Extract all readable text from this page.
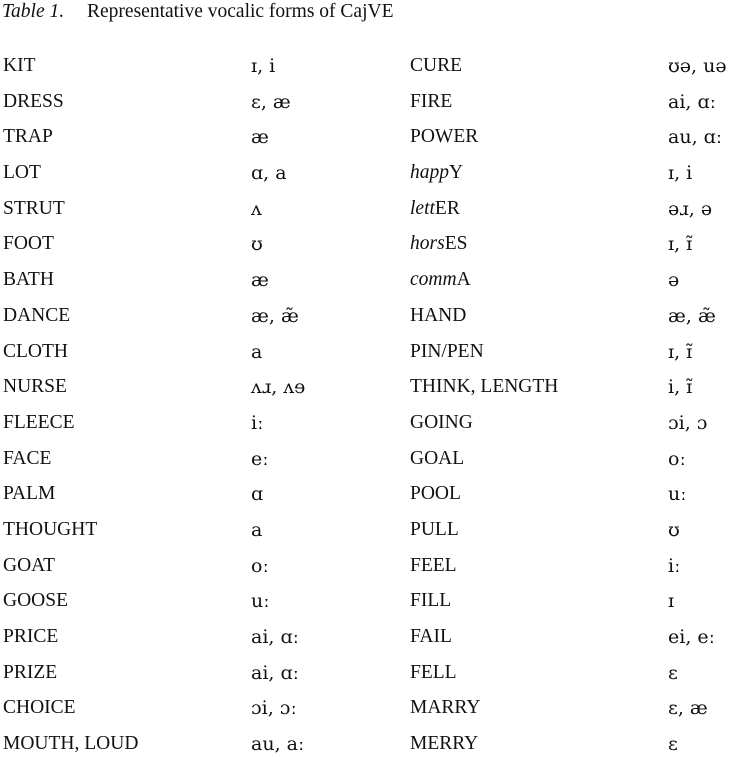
Table 1. Representative vocalic forms of CajVE
KIT	ɪ, i	CURE	ʊə, uə
DRESS	ɛ, æ	FIRE	ai, ɑː
TRAP	æ	POWER	au, ɑː
LOT	ɑ, a	happY	ɪ, i
STRUT	ʌ	lettER	əɹ, ə
FOOT	ʊ	horsES	ɪ, ɪ̃
BATH	æ	commA	ə
DANCE	æ, æ̃	HAND	æ, æ̃
CLOTH	a	PIN/PEN	ɪ, ɪ̃
NURSE	ʌɹ, ʌɘ	THINK, LENGTH	i, ɪ̃
FLEECE	iː	GOING	ɔi, ɔ
FACE	eː	GOAL	oː
PALM	ɑ	POOL	uː
THOUGHT	a	PULL	ʊ
GOAT	oː	FEEL	iː
GOOSE	uː	FILL	ɪ
PRICE	ai, ɑː	FAIL	ei, eː
PRIZE	ai, ɑː	FELL	ɛ
CHOICE	ɔi, ɔː	MARRY	ɛ, æ
MOUTH, LOUD	au, aː	MERRY	ɛ
